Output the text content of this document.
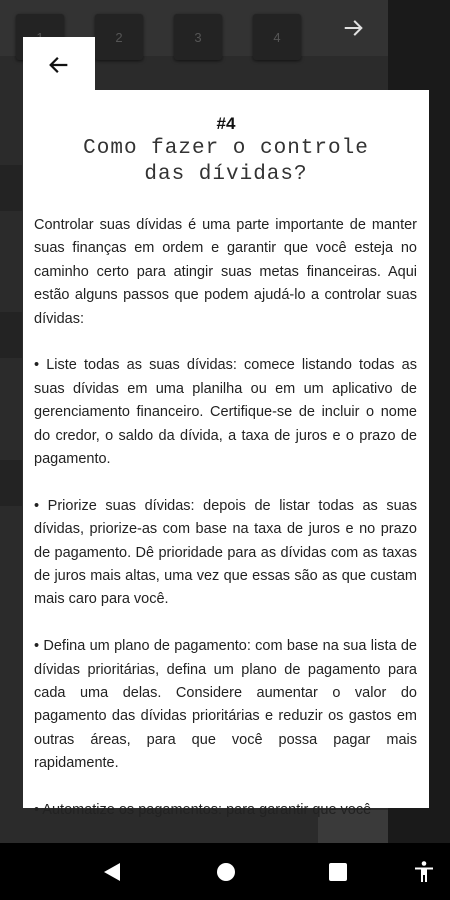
2	3	4
#4
Como fazer o controle
das dívidas?

Controlar suas dívidas é uma parte importante de manter suas finanças em ordem e garantir que você esteja no caminho certo para atingir suas metas financeiras. Aqui estão alguns passos que podem ajudá-lo a controlar suas dívidas:

• Liste todas as suas dívidas: comece listando todas as suas dívidas em uma planilha ou em um aplicativo de gerenciamento financeiro. Certifique-se de incluir o nome do credor, o saldo da dívida, a taxa de juros e o prazo de pagamento.

• Priorize suas dívidas: depois de listar todas as suas dívidas, priorize-as com base na taxa de juros e no prazo de pagamento. Dê prioridade para as dívidas com as taxas de juros mais altas, uma vez que essas são as que custam mais caro para você.

• Defina um plano de pagamento: com base na sua lista de dívidas prioritárias, defina um plano de pagamento para cada uma delas. Considere aumentar o valor do pagamento das dívidas prioritárias e reduzir os gastos em outras áreas, para que você possa pagar mais rapidamente.

• Automatize os pagamentos: para garantir que você
